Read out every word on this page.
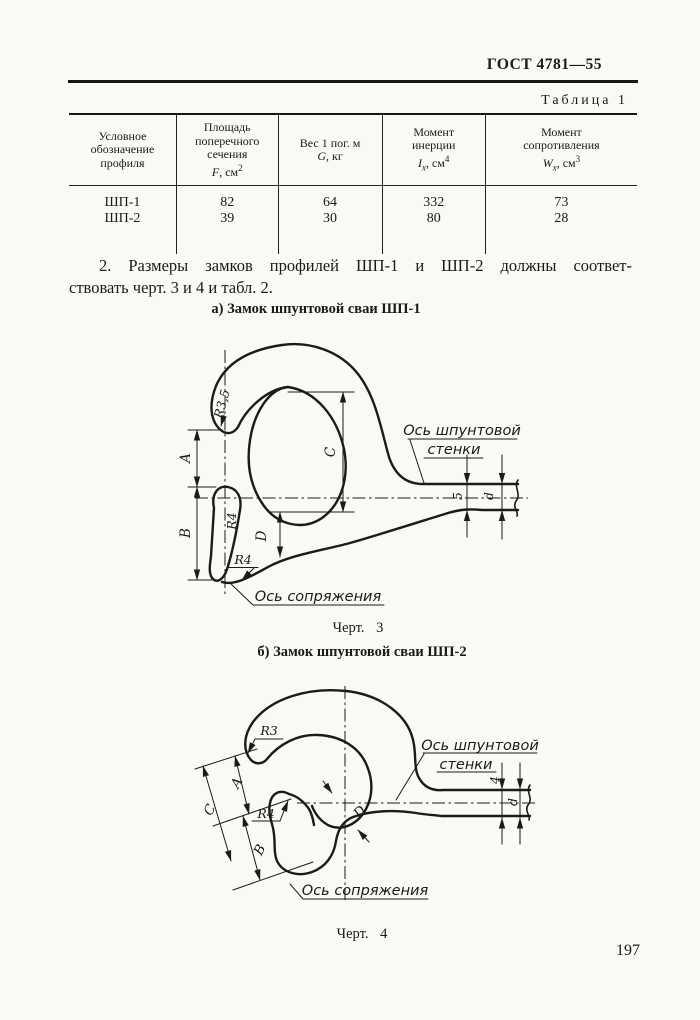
ГОСТ 4781—55
Таблица 1
Условное
обозначение
профиля
ШП-1
ШП-2
Площадь
поперечного
сечения
F, $см^2$
82
39
Вес 1 пог. м
G, кг
64
30
Момент
инерции
$I_x$, $см^4$
332
80
Момент
сопротивления
$W_x$, $см^3$
73
28
2. Размеры замков профилей ШП-1 и ШП-2 должны соответ-
ствовать черт. 3 и 4 и табл. 2.
а) Замок шпунтовой сваи ШП-1
R3,5
A
B
C
D
R4
R4
5 d
Ось шпунтовой
стенки
Ось сопряжения
Черт. 3
б) Замок шпунтовой сваи ШП-2
R3
A
C
B
D
R4
4
d
Ось шпунтовой
стенки
Ось сопряжения
Черт. 4
197
